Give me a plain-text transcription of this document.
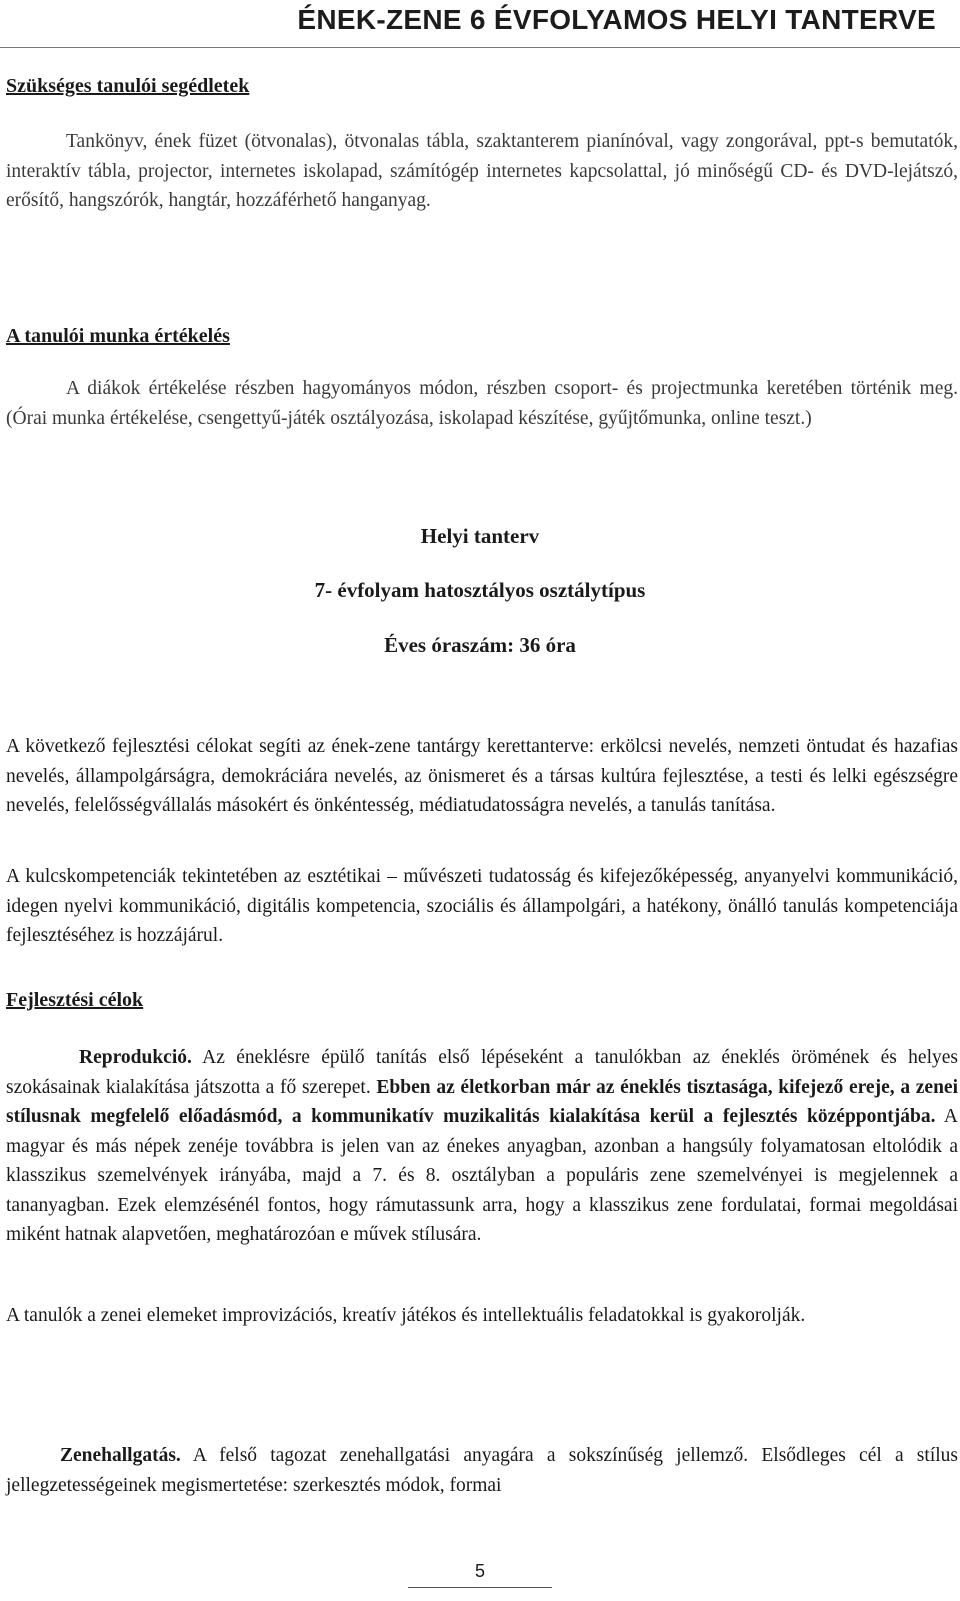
ÉNEK-ZENE 6 ÉVFOLYAMOS HELYI TANTERVE
Szükséges tanulói segédletek
Tankönyv, ének füzet (ötvonalas), ötvonalas tábla, szaktanterem pianínóval, vagy zongorával, ppt-s bemutatók, interaktív tábla, projector, internetes iskolapad, számítógép internetes kapcsolattal, jó minőségű CD- és DVD-lejátszó, erősítő, hangszórók, hangtár, hozzáférhető hanganyag.
A tanulói munka értékelés
A diákok értékelése részben hagyományos módon, részben csoport- és projectmunka keretében történik meg. (Órai munka értékelése, csengettyű-játék osztályozása, iskolapad készítése, gyűjtőmunka, online teszt.)
Helyi tanterv
7- évfolyam hatosztályos osztálytípus
Éves óraszám: 36 óra
A következő fejlesztési célokat segíti az ének-zene tantárgy kerettanterve: erkölcsi nevelés, nemzeti öntudat és hazafias nevelés, állampolgárságra, demokráciára nevelés, az önismeret és a társas kultúra fejlesztése, a testi és lelki egészségre nevelés, felelősségvállalás másokért és önkéntesség, médiatudatosságra nevelés, a tanulás tanítása.
A kulcskompetenciák tekintetében az esztétikai – művészeti tudatosság és kifejezőképesség, anyanyelvi kommunikáció, idegen nyelvi kommunikáció, digitális kompetencia, szociális és állampolgári, a hatékony, önálló tanulás kompetenciája fejlesztéséhez is hozzájárul.
Fejlesztési célok
Reprodukció. Az éneklésre épülő tanítás első lépéseként a tanulókban az éneklés örömének és helyes szokásainak kialakítása játszotta a fő szerepet. Ebben az életkorban már az éneklés tisztasága, kifejező ereje, a zenei stílusnak megfelelő előadásmód, a kommunikatív muzikalitás kialakítása kerül a fejlesztés középpontjába. A magyar és más népek zenéje továbbra is jelen van az énekes anyagban, azonban a hangsúly folyamatosan eltolódik a klasszikus szemelvények irányába, majd a 7. és 8. osztályban a populáris zene szemelvényei is megjelennek a tananyagban. Ezek elemzésénél fontos, hogy rámutassunk arra, hogy a klasszikus zene fordulatai, formai megoldásai miként hatnak alapvetően, meghatározóan e művek stílusára.
A tanulók a zenei elemeket improvizációs, kreatív játékos és intellektuális feladatokkal is gyakorolják.
Zenehallgatás. A felső tagozat zenehallgatási anyagára a sokszínűség jellemző. Elsődleges cél a stílus jellegzetességeinek megismertetése: szerkesztés módok, formai
5
